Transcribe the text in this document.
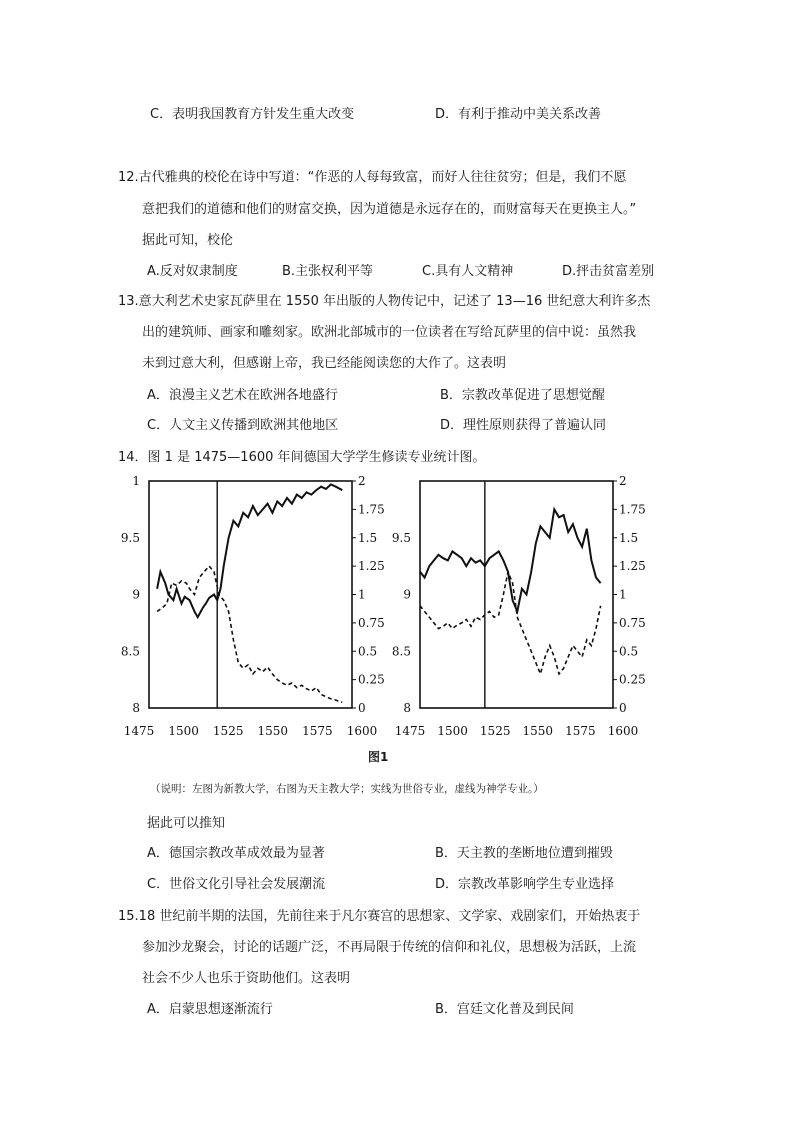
C．表明我国教育方针发生重大改变	D．有利于推动中美关系改善
12.古代雅典的校伦在诗中写道：“作恶的人每每致富，而好人往往贫穷；但是，我们不愿
意把我们的道德和他们的财富交换，因为道德是永远存在的，而财富每天在更换主人。”
据此可知，校伦
A.反对奴隶制度	B.主张权利平等	C.具有人文精神	D.抨击贫富差别
13.意大利艺术史家瓦萨里在 1550 年出版的人物传记中，记述了 13—16 世纪意大利许多杰
出的建筑师、画家和雕刻家。欧洲北部城市的一位读者在写给瓦萨里的信中说：虽然我
未到过意大利，但感谢上帝，我已经能阅读您的大作了。这表明
A．浪漫主义艺术在欧洲各地盛行	B．宗教改革促进了思想觉醒
C．人文主义传播到欧洲其他地区	D．理性原则获得了普遍认同
14．图 1 是 1475—1600 年间德国大学学生修读专业统计图。
1475 1500 1525 1550 1575 1600
0
0.25
0.5
0.75
1
1.25
1.5
1.75
2
8
8.5
9
9.5
1
1475 1500 1525 1550 1575 1600
0
0.25
0.5
0.75
1
1.25
1.5
1.75
2
8
8.5
9
9.5
图1
（说明：左图为新教大学，右图为天主教大学；实线为世俗专业，虚线为神学专业。）
据此可以推知
A．德国宗教改革成效最为显著	B．天主教的垄断地位遭到摧毁
C．世俗文化引导社会发展潮流	D．宗教改革影响学生专业选择
15.18 世纪前半期的法国，先前往来于凡尔赛宫的思想家、文学家、戏剧家们，开始热衷于
参加沙龙聚会，讨论的话题广泛，不再局限于传统的信仰和礼仪，思想极为活跃，上流
社会不少人也乐于资助他们。这表明
A．启蒙思想逐渐流行	B．宫廷文化普及到民间
